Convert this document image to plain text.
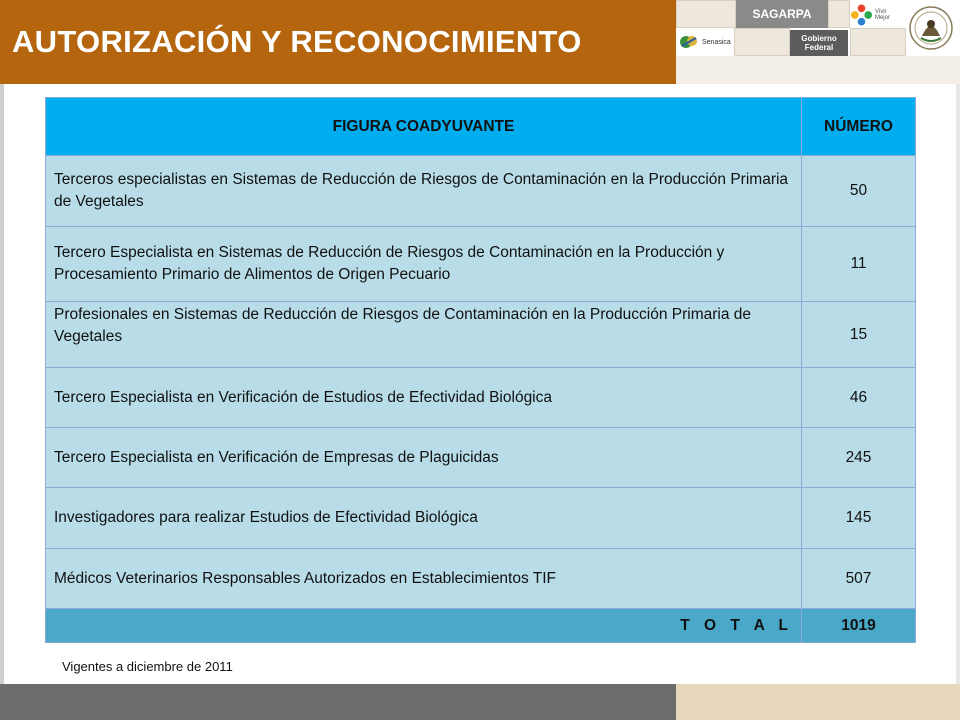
AUTORIZACIÓN Y RECONOCIMIENTO
SAGARPA
Gobierno
Federal
Senasica
Vivir Mejor
FIGURA COADYUVANTE	NÚMERO
Terceros especialistas en Sistemas de Reducción de Riesgos de Contaminación en la Producción Primaria de Vegetales	50
Tercero Especialista en Sistemas de Reducción de Riesgos de Contaminación en la Producción y Procesamiento Primario de Alimentos de Origen Pecuario	11
Profesionales en Sistemas de Reducción de Riesgos de Contaminación en la Producción Primaria de Vegetales	15
Tercero Especialista en Verificación de Estudios de Efectividad Biológica	46
Tercero Especialista en Verificación de Empresas de Plaguicidas	245
Investigadores para realizar Estudios de Efectividad Biológica	145
Médicos Veterinarios Responsables Autorizados en Establecimientos TIF	507
T O T A L	1019
Vigentes a diciembre de 2011
